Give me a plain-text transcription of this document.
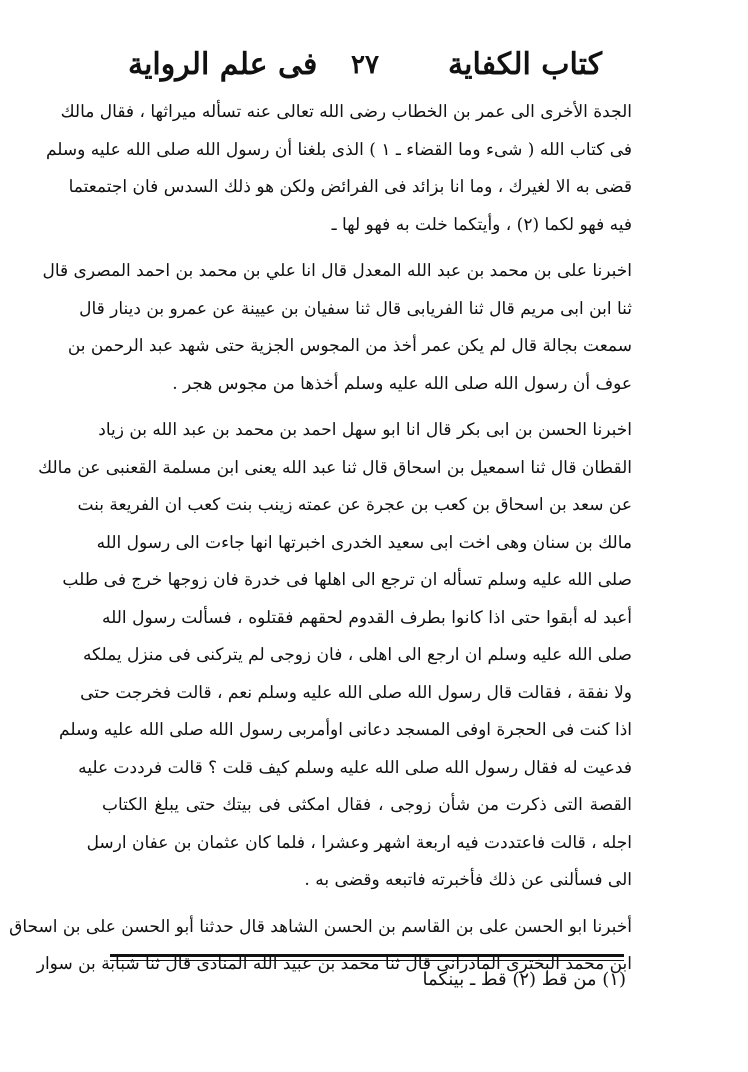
كتاب الكفاية
٢٧
فى علم الرواية
الجدة الأخرى الى عمر بن الخطاب رضى الله تعالى عنه تسأله ميراثها ، فقال مالك
فى كتاب الله ( شىء وما القضاء ـ ١ ) الذى بلغنا أن رسول الله صلى الله عليه وسلم
قضى به الا لغيرك ، وما انا بزائد فى الفرائض ولكن هو ذلك السدس فان اجتمعتما
فيه فهو لكما (٢) ، وأيتكما خلت به فهو لها ـ
اخبرنا على بن محمد بن عبد الله المعدل قال انا علي بن محمد بن احمد المصرى قال
ثنا ابن ابى مريم قال ثنا الفريابى قال ثنا سفيان بن عيينة عن عمرو بن دينار قال
سمعت بجالة قال لم يكن عمر أخذ من المجوس الجزية حتى شهد عبد الرحمن بن
عوف أن رسول الله صلى الله عليه وسلم أخذها من مجوس هجر .
اخبرنا الحسن بن ابى بكر قال انا ابو سهل احمد بن محمد بن عبد الله بن زياد
القطان قال ثنا اسمعيل بن اسحاق قال ثنا عبد الله يعنى ابن مسلمة القعنبى عن مالك
عن سعد بن اسحاق بن كعب بن عجرة عن عمته زينب بنت كعب ان الفريعة بنت
مالك بن سنان وهى اخت ابى سعيد الخدرى اخبرتها انها جاءت الى رسول الله
صلى الله عليه وسلم تسأله ان ترجع الى اهلها فى خدرة فان زوجها خرج فى طلب
أعبد له أبقوا حتى اذا كانوا بطرف القدوم لحقهم فقتلوه ، فسألت رسول الله
صلى الله عليه وسلم ان ارجع الى اهلى ، فان زوجى لم يتركنى فى منزل يملكه
ولا نفقة ، فقالت قال رسول الله صلى الله عليه وسلم نعم ، قالت فخرجت حتى
اذا كنت فى الحجرة اوفى المسجد دعانى اوأمربى رسول الله صلى الله عليه وسلم
فدعيت له فقال رسول الله صلى الله عليه وسلم كيف قلت ؟ قالت فرددت عليه
القصة التى ذكرت من شأن زوجى ، فقال امكثى فى بيتك حتى يبلغ الكتاب
اجله ، قالت فاعتددت فيه اربعة اشهر وعشرا ، فلما كان عثمان بن عفان ارسل
الى فسألنى عن ذلك فأخبرته فاتبعه وقضى به .
أخبرنا ابو الحسن على بن القاسم بن الحسن الشاهد قال حدثنا أبو الحسن على بن اسحاق
ابن محمد البخترى المادرانى قال ثنا محمد بن عبيد الله المنادى قال ثنا شبابة بن سوار
(١) من قط (٢) قط ـ بينكما
